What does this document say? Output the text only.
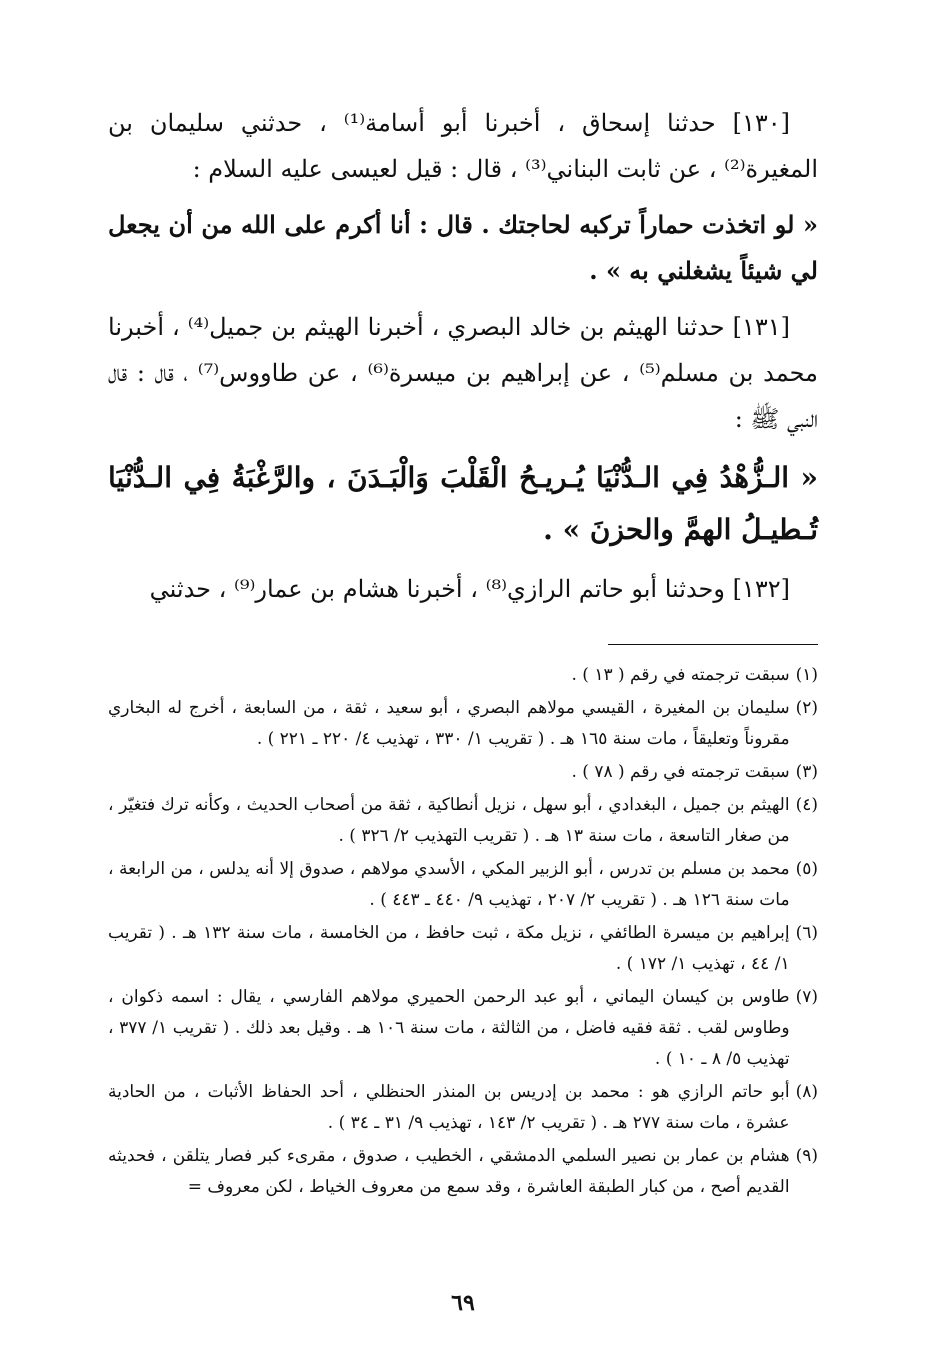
[١٣٠] حدثنا إسحاق ، أخبرنا أبو أسامة⁽¹⁾ ، حدثني سليمان بن المغيرة⁽²⁾ ، عن ثابت البناني⁽³⁾ ، قال : قيل لعيسى عليه السلام :

« لو اتخذت حماراً تركبه لحاجتك . قال : أنا أكرم على الله من أن يجعل لي شيئاً يشغلني به » .

[١٣١] حدثنا الهيثم بن خالد البصري ، أخبرنا الهيثم بن جميل⁽⁴⁾ ، أخبرنا محمد بن مسلم⁽⁵⁾ ، عن إبراهيم بن ميسرة⁽⁶⁾ ، عن طاووس⁽⁷⁾ ، قال : قال النبي ﷺ :

« الـزُّهْدُ فِي الـدُّنْيَا يُـريـحُ الْقَلْبَ وَالْبَـدَنَ ، والرَّغْبَةُ فِي الـدُّنْيَا تُـطيـلُ الهمَّ والحزنَ » .

[١٣٢] وحدثنا أبو حاتم الرازي⁽⁸⁾ ، أخبرنا هشام بن عمار⁽⁹⁾ ، حدثني

(١)
سبقت ترجمته في رقم ( ١٣ ) .
(٢)
سليمان بن المغيرة ، القيسي مولاهم البصري ، أبو سعيد ، ثقة ، من السابعة ، أخرج له البخاري مقروناً وتعليقاً ، مات سنة ١٦٥ هـ . ( تقريب ١/ ٣٣٠ ، تهذيب ٤/ ٢٢٠ ـ ٢٢١ ) .
(٣)
سبقت ترجمته في رقم ( ٧٨ ) .
(٤)
الهيثم بن جميل ، البغدادي ، أبو سهل ، نزيل أنطاكية ، ثقة من أصحاب الحديث ، وكأنه ترك فتغيّر ، من صغار التاسعة ، مات سنة ١٣ هـ . ( تقريب التهذيب ٢/ ٣٢٦ ) .
(٥)
محمد بن مسلم بن تدرس ، أبو الزبير المكي ، الأسدي مولاهم ، صدوق إلا أنه يدلس ، من الرابعة ، مات سنة ١٢٦ هـ . ( تقريب ٢/ ٢٠٧ ، تهذيب ٩/ ٤٤٠ ـ ٤٤٣ ) .
(٦)
إبراهيم بن ميسرة الطائفي ، نزيل مكة ، ثبت حافظ ، من الخامسة ، مات سنة ١٣٢ هـ . ( تقريب ١/ ٤٤ ، تهذيب ١/ ١٧٢ ) .
(٧)
طاوس بن كيسان اليماني ، أبو عبد الرحمن الحميري مولاهم الفارسي ، يقال : اسمه ذكوان ، وطاوس لقب . ثقة فقيه فاضل ، من الثالثة ، مات سنة ١٠٦ هـ . وقيل بعد ذلك . ( تقريب ١/ ٣٧٧ ، تهذيب ٥/ ٨ ـ ١٠ ) .
(٨)
أبو حاتم الرازي هو : محمد بن إدريس بن المنذر الحنظلي ، أحد الحفاظ الأثبات ، من الحادية عشرة ، مات سنة ٢٧٧ هـ . ( تقريب ٢/ ١٤٣ ، تهذيب ٩/ ٣١ ـ ٣٤ ) .
(٩)
هشام بن عمار بن نصير السلمي الدمشقي ، الخطيب ، صدوق ، مقرىء كبر فصار يتلقن ، فحديثه القديم أصح ، من كبار الطبقة العاشرة ، وقد سمع من معروف الخياط ، لكن معروف =
٦٩
